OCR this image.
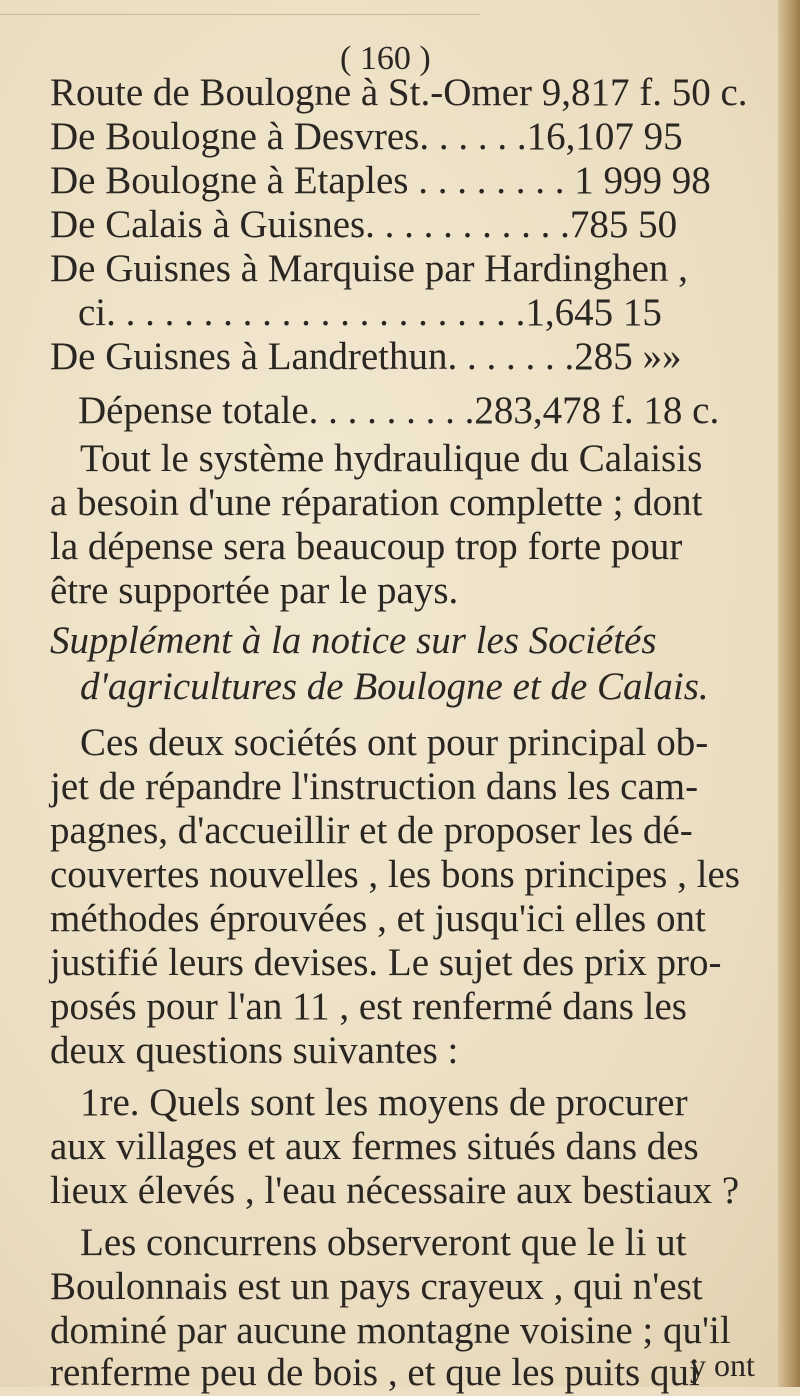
( 160 )
Route de Boulogne à St.-Omer 9,817 f. 50 c.
De Boulogne à Desvres. . . . . .16,107 95
De Boulogne à Etaples . . . . . . . . 1 999 98
De Calais à Guisnes. . . . . . . . . . .785 50
De Guisnes à Marquise par Hardinghen ,
ci. . . . . . . . . . . . . . . . . . . . . .1,645 15
De Guisnes à Landrethun. . . . . . .285 »»
Dépense totale. . . . . . . . .283,478 f. 18 c.
Tout le système hydraulique du Calaisis
a besoin d'une réparation complette ; dont
la dépense sera beaucoup trop forte pour
être supportée par le pays.
Supplément à la notice sur les Sociétés
d'agricultures de Boulogne et de Calais.
Ces deux sociétés ont pour principal ob-
jet de répandre l'instruction dans les cam-
pagnes, d'accueillir et de proposer les dé-
couvertes nouvelles , les bons principes , les
méthodes éprouvées , et jusqu'ici elles ont
justifié leurs devises. Le sujet des prix pro-
posés pour l'an 11 , est renfermé dans les
deux questions suivantes :
1re. Quels sont les moyens de procurer
aux villages et aux fermes situés dans des
lieux élevés , l'eau nécessaire aux bestiaux ?
Les concurrens observeront que le li ut
Boulonnais est un pays crayeux , qui n'est
dominé par aucune montagne voisine ; qu'il
renferme peu de bois , et que les puits qui
y ont
